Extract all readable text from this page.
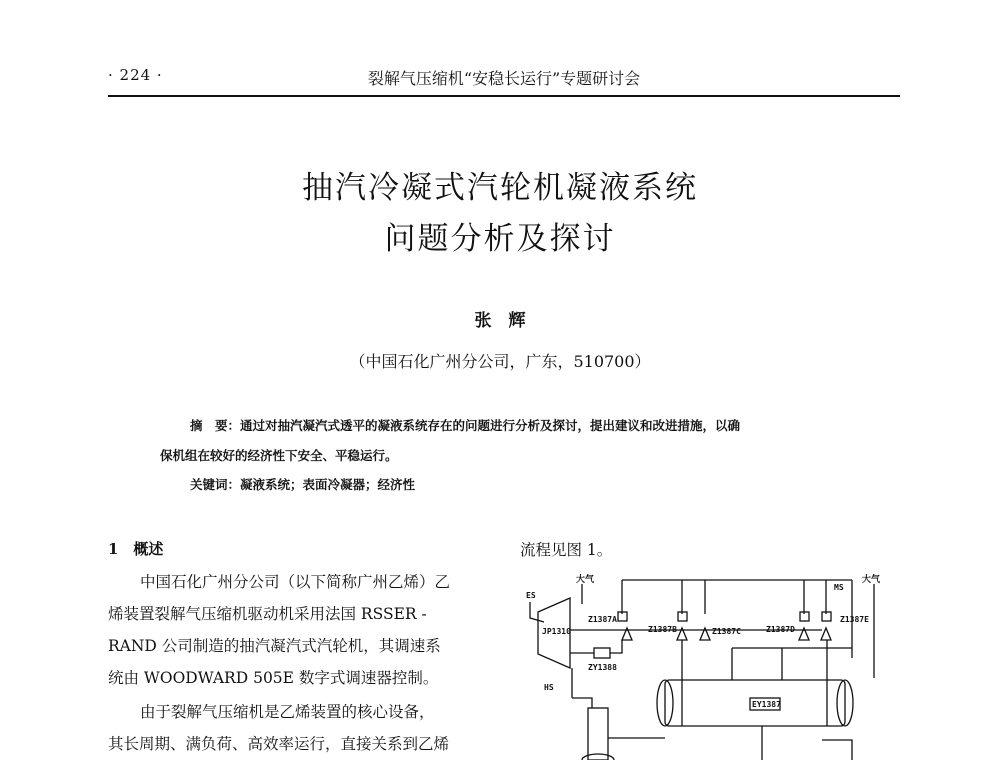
· 224 ·	裂解气压缩机“安稳长运行”专题研讨会
抽汽冷凝式汽轮机凝液系统
问题分析及探讨
张　辉
（中国石化广州分公司，广东，510700）
摘　要：通过对抽汽凝汽式透平的凝液系统存在的问题进行分析及探讨，提出建议和改进措施，以确
保机组在较好的经济性下安全、平稳运行。
关键词：凝液系统；表面冷凝器；经济性
1　概述
中国石化广州分公司（以下简称广州乙烯）乙
烯装置裂解气压缩机驱动机采用法国 RSSER -
RAND 公司制造的抽汽凝汽式汽轮机，其调速系
统由 WOODWARD 505E 数字式调速器控制。
由于裂解气压缩机是乙烯装置的核心设备，
其长周期、满负荷、高效率运行，直接关系到乙烯
流程见图 1。
ES
大气
MS
大气
JP1310
Z1387A
Z1387B	Z1387C	Z1387D
Z1387E
ZY1388
HS
EY1387
